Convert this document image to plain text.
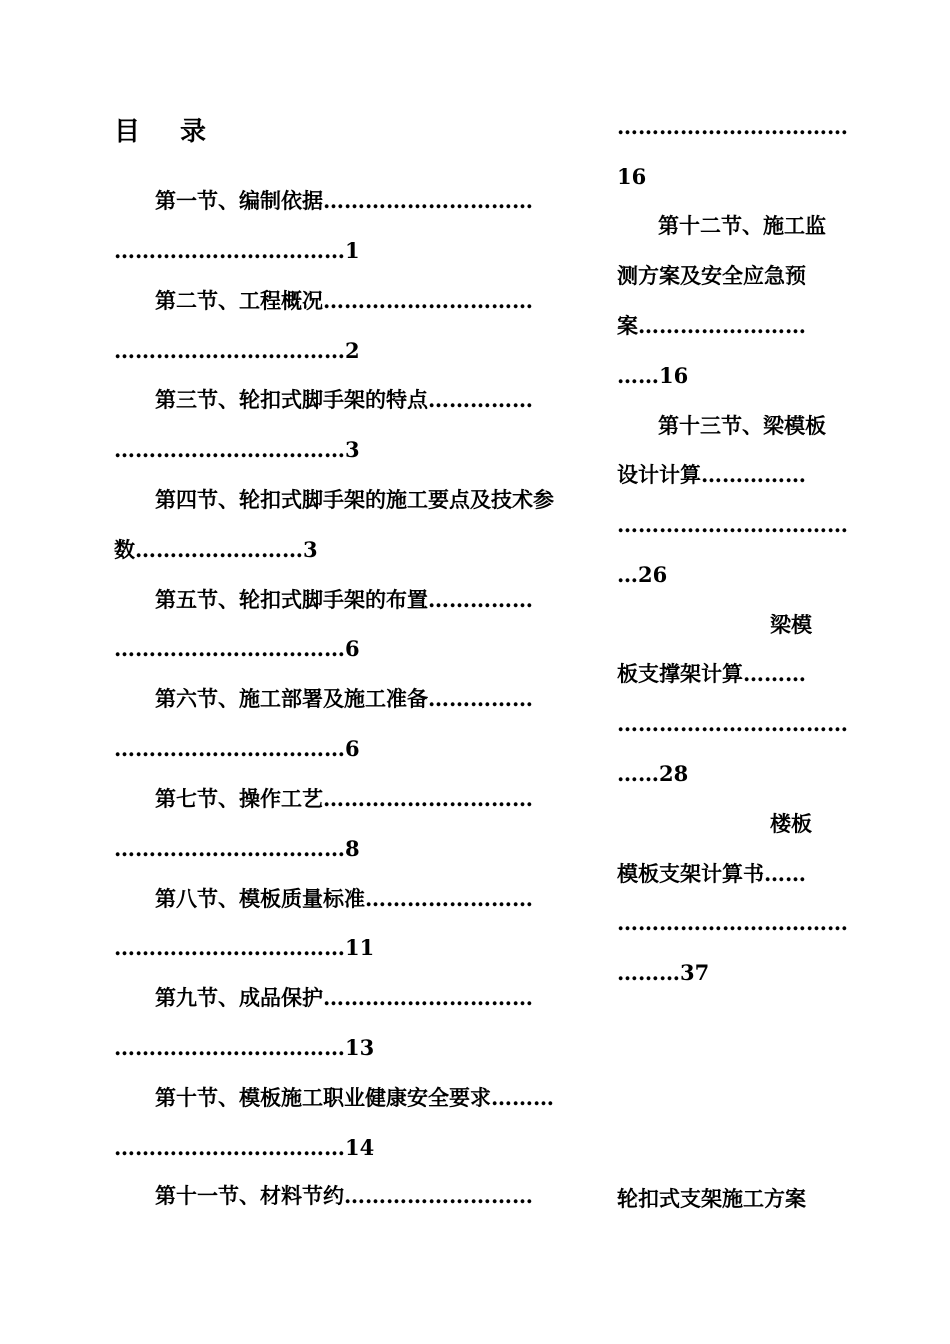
目 录
第一节、编制依据…………………………
……………………………1
第二节、工程概况…………………………
……………………………2
第三节、轮扣式脚手架的特点……………
……………………………3
第四节、轮扣式脚手架的施工要点及技术参
数……………………3
第五节、轮扣式脚手架的布置……………
……………………………6
第六节、施工部署及施工准备……………
……………………………6
第七节、操作工艺…………………………
……………………………8
第八节、模板质量标准……………………
……………………………11
第九节、成品保护…………………………
……………………………13
第十节、模板施工职业健康安全要求………
……………………………14
第十一节、材料节约………………………
……………………………
16
第十二节、施工监
测方案及安全应急预
案……………………
……16
第十三节、梁模板
设计计算……………
……………………………
…26
梁模
板支撑架计算………
……………………………
……28
楼板
模板支架计算书……
……………………………
………37
轮扣式支架施工方案
